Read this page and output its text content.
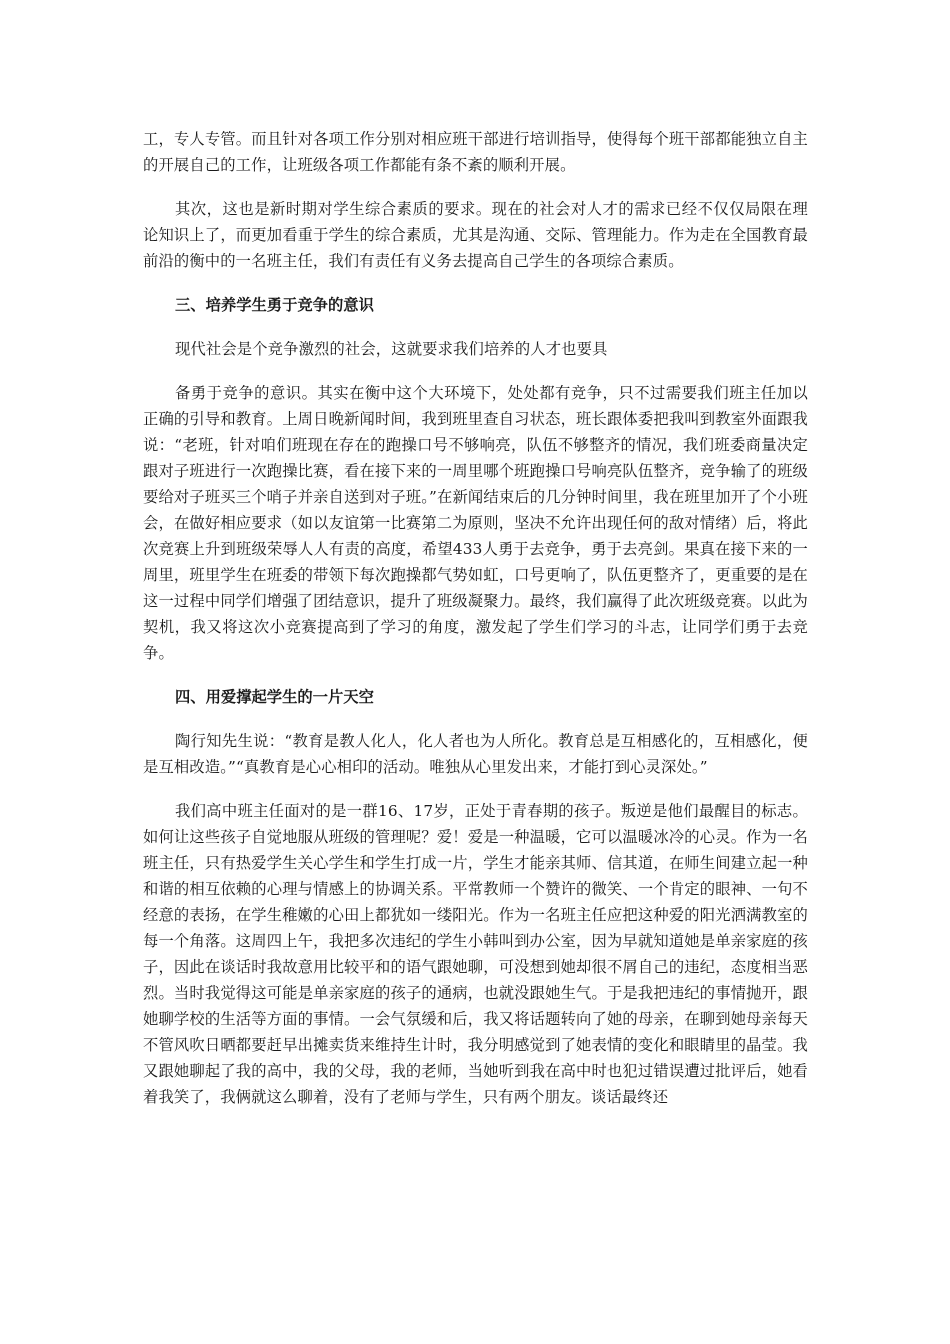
工，专人专管。而且针对各项工作分别对相应班干部进行培训指导，使得每个班干部都能独立自主的开展自己的工作，让班级各项工作都能有条不紊的顺利开展。

其次，这也是新时期对学生综合素质的要求。现在的社会对人才的需求已经不仅仅局限在理论知识上了，而更加看重于学生的综合素质，尤其是沟通、交际、管理能力。作为走在全国教育最前沿的衡中的一名班主任，我们有责任有义务去提高自己学生的各项综合素质。

三、培养学生勇于竞争的意识

现代社会是个竞争激烈的社会，这就要求我们培养的人才也要具

备勇于竞争的意识。其实在衡中这个大环境下，处处都有竞争，只不过需要我们班主任加以正确的引导和教育。上周日晚新闻时间，我到班里查自习状态，班长跟体委把我叫到教室外面跟我说：“老班，针对咱们班现在存在的跑操口号不够响亮，队伍不够整齐的情况，我们班委商量决定跟对子班进行一次跑操比赛，看在接下来的一周里哪个班跑操口号响亮队伍整齐，竞争输了的班级要给对子班买三个哨子并亲自送到对子班。”在新闻结束后的几分钟时间里，我在班里加开了个小班会，在做好相应要求（如以友谊第一比赛第二为原则，坚决不允许出现任何的敌对情绪）后，将此次竞赛上升到班级荣辱人人有责的高度，希望433人勇于去竞争，勇于去亮剑。果真在接下来的一周里，班里学生在班委的带领下每次跑操都气势如虹，口号更响了，队伍更整齐了，更重要的是在这一过程中同学们增强了团结意识，提升了班级凝聚力。最终，我们赢得了此次班级竞赛。以此为契机，我又将这次小竞赛提高到了学习的角度，激发起了学生们学习的斗志，让同学们勇于去竞争。

四、用爱撑起学生的一片天空

陶行知先生说：“教育是教人化人，化人者也为人所化。教育总是互相感化的，互相感化，便是互相改造。”“真教育是心心相印的活动。唯独从心里发出来，才能打到心灵深处。”

我们高中班主任面对的是一群16、17岁，正处于青春期的孩子。叛逆是他们最醒目的标志。如何让这些孩子自觉地服从班级的管理呢？爱！爱是一种温暖，它可以温暖冰冷的心灵。作为一名班主任，只有热爱学生关心学生和学生打成一片，学生才能亲其师、信其道，在师生间建立起一种和谐的相互依赖的心理与情感上的协调关系。平常教师一个赞许的微笑、一个肯定的眼神、一句不经意的表扬，在学生稚嫩的心田上都犹如一缕阳光。作为一名班主任应把这种爱的阳光洒满教室的每一个角落。这周四上午，我把多次违纪的学生小韩叫到办公室，因为早就知道她是单亲家庭的孩子，因此在谈话时我故意用比较平和的语气跟她聊，可没想到她却很不屑自己的违纪，态度相当恶烈。当时我觉得这可能是单亲家庭的孩子的通病，也就没跟她生气。于是我把违纪的事情抛开，跟她聊学校的生活等方面的事情。一会气氛缓和后，我又将话题转向了她的母亲，在聊到她母亲每天不管风吹日晒都要赶早出摊卖货来维持生计时，我分明感觉到了她表情的变化和眼睛里的晶莹。我又跟她聊起了我的高中，我的父母，我的老师，当她听到我在高中时也犯过错误遭过批评后，她看着我笑了，我俩就这么聊着，没有了老师与学生，只有两个朋友。谈话最终还
